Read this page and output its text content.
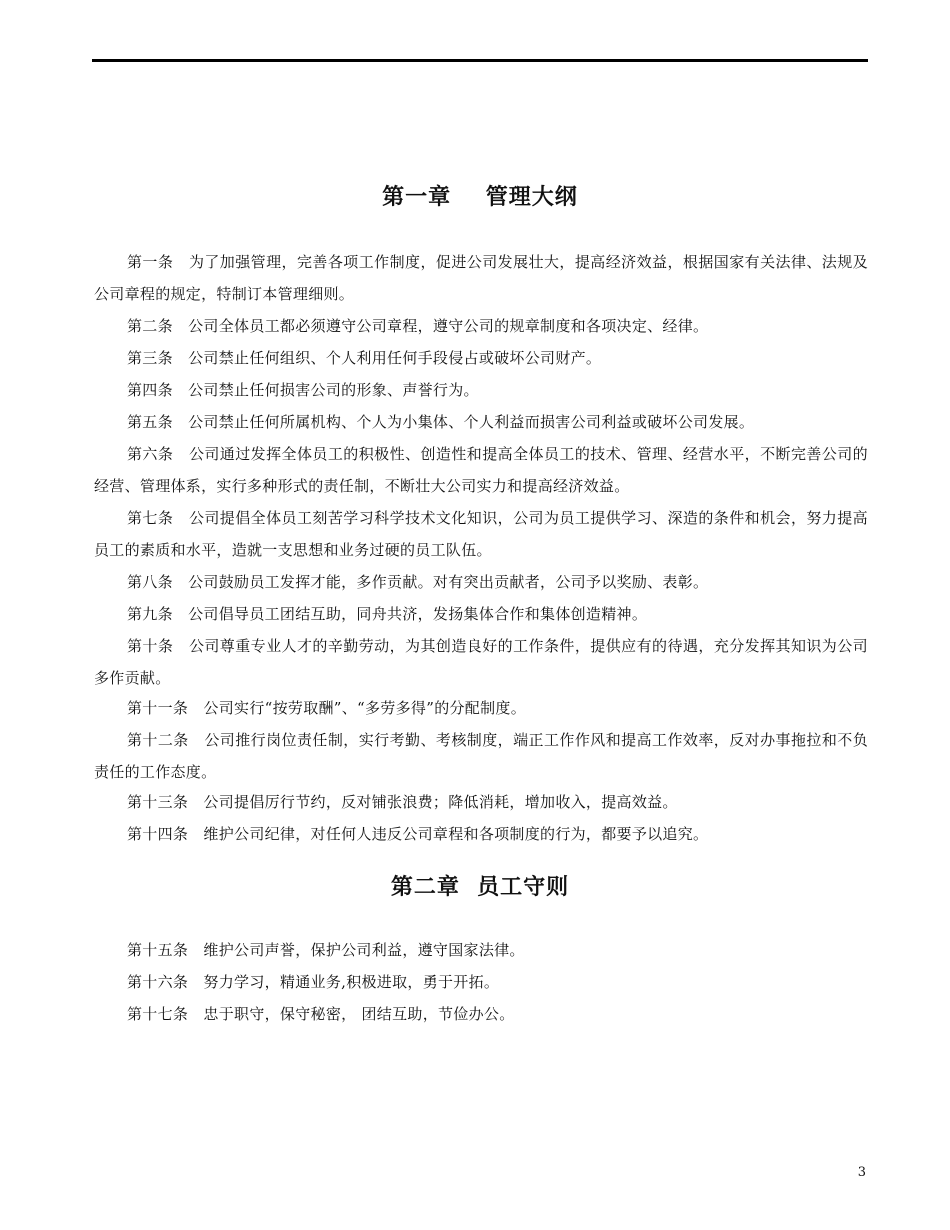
第一章    管理大纲
第一条 为了加强管理，完善各项工作制度，促进公司发展壮大，提高经济效益，根据国家有关法律、法规及公司章程的规定，特制订本管理细则。
第二条 公司全体员工都必须遵守公司章程，遵守公司的规章制度和各项决定、经律。
第三条 公司禁止任何组织、个人利用任何手段侵占或破坏公司财产。
第四条 公司禁止任何损害公司的形象、声誉行为。
第五条 公司禁止任何所属机构、个人为小集体、个人利益而损害公司利益或破坏公司发展。
第六条 公司通过发挥全体员工的积极性、创造性和提高全体员工的技术、管理、经营水平，不断完善公司的经营、管理体系，实行多种形式的责任制，不断壮大公司实力和提高经济效益。
第七条 公司提倡全体员工刻苦学习科学技术文化知识，公司为员工提供学习、深造的条件和机会，努力提高员工的素质和水平，造就一支思想和业务过硬的员工队伍。
第八条 公司鼓励员工发挥才能，多作贡献。对有突出贡献者，公司予以奖励、表彰。
第九条 公司倡导员工团结互助，同舟共济，发扬集体合作和集体创造精神。
第十条 公司尊重专业人才的辛勤劳动，为其创造良好的工作条件，提供应有的待遇，充分发挥其知识为公司多作贡献。
第十一条 公司实行“按劳取酬”、“多劳多得”的分配制度。
第十二条 公司推行岗位责任制，实行考勤、考核制度，端正工作作风和提高工作效率，反对办事拖拉和不负责任的工作态度。
第十三条 公司提倡厉行节约，反对铺张浪费；降低消耗，增加收入，提高效益。
第十四条 维护公司纪律，对任何人违反公司章程和各项制度的行为，都要予以追究。
第二章  员工守则
第十五条 维护公司声誉，保护公司利益，遵守国家法律。
第十六条 努力学习，精通业务,积极进取，勇于开拓。
第十七条 忠于职守，保守秘密， 团结互助，节俭办公。
3
